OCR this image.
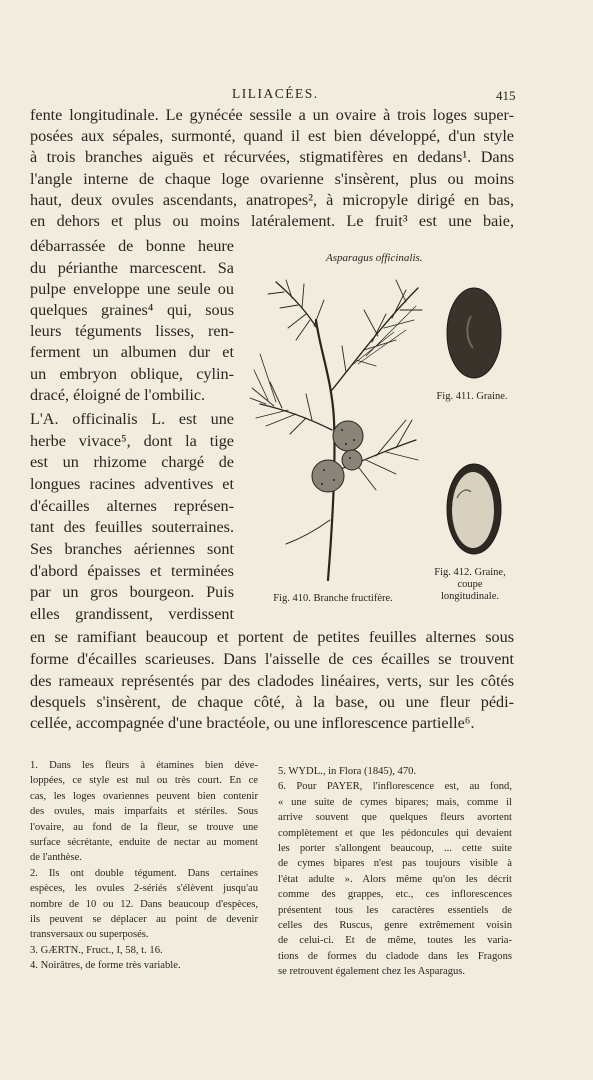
LILIACÉES.	415
fente longitudinale. Le gynécée sessile a un ovaire à trois loges super-
posées aux sépales, surmonté, quand il est bien développé, d'un style
à trois branches aiguës et récurvées, stigmatifères en dedans¹. Dans
l'angle interne de chaque loge ovarienne s'insèrent, plus ou moins
haut, deux ovules ascendants, anatropes², à micropyle dirigé en bas,
en dehors et plus ou moins latéralement. Le fruit³ est une baie,
débarrassée de bonne heure
du périanthe marcescent. Sa
pulpe enveloppe une seule ou
quelques graines⁴ qui, sous
leurs téguments lisses, ren-
ferment un albumen dur et
un embryon oblique, cylin-
dracé, éloigné de l'ombilic.
L'A. officinalis L. est une
herbe vivace⁵, dont la tige
est un rhizome chargé de
longues racines adventives et
d'écailles alternes représen-
tant des feuilles souterraines.
Ses branches aériennes sont
d'abord épaisses et terminées
par un gros bourgeon. Puis
elles grandissent, verdissent
en se ramifiant beaucoup et portent de petites feuilles alternes sous
forme d'écailles scarieuses. Dans l'aisselle de ces écailles se trouvent
des rameaux représentés par des cladodes linéaires, verts, sur les côtés
desquels s'insèrent, de chaque côté, à la base, ou une fleur pédi-
cellée, accompagnée d'une bractéole, ou une inflorescence partielle⁶.
Asparagus officinalis.
Fig. 410. Branche fructifère.
Fig. 411. Graine.
Fig. 412. Graine,
coupe
longitudinale.
1. Dans les fleurs à étamines bien déve-
loppées, ce style est nul ou très court. En ce
cas, les loges ovariennes peuvent bien contenir
des ovules, mais imparfaits et stériles. Sous
l'ovaire, au fond de la fleur, se trouve une
surface sécrétante, enduite de nectar au moment
de l'anthèse.
2. Ils ont double tégument. Dans certaines
espèces, les ovules 2-sériés s'élèvent jusqu'au
nombre de 10 ou 12. Dans beaucoup d'espèces,
ils peuvent se déplacer au point de devenir
transversaux ou superposés.
3. GÆRTN., Fruct., I, 58, t. 16.
4. Noirâtres, de forme très variable.
5. WYDL., in Flora (1845), 470.
6. Pour PAYER, l'inflorescence est, au fond,
« une suite de cymes bipares; mais, comme il
arrive souvent que quelques fleurs avortent
complètement et que les pédoncules qui devaient
les porter s'allongent beaucoup, ... cette suite
de cymes bipares n'est pas toujours visible à
l'état adulte ». Alors même qu'on les décrit
comme des grappes, etc., ces inflorescences
présentent tous les caractères essentiels de
celles des Ruscus, genre extrêmement voisin
de celui-ci. Et de même, toutes les varia-
tions de formes du cladode dans les Fragons
se retrouvent également chez les Asparagus.
